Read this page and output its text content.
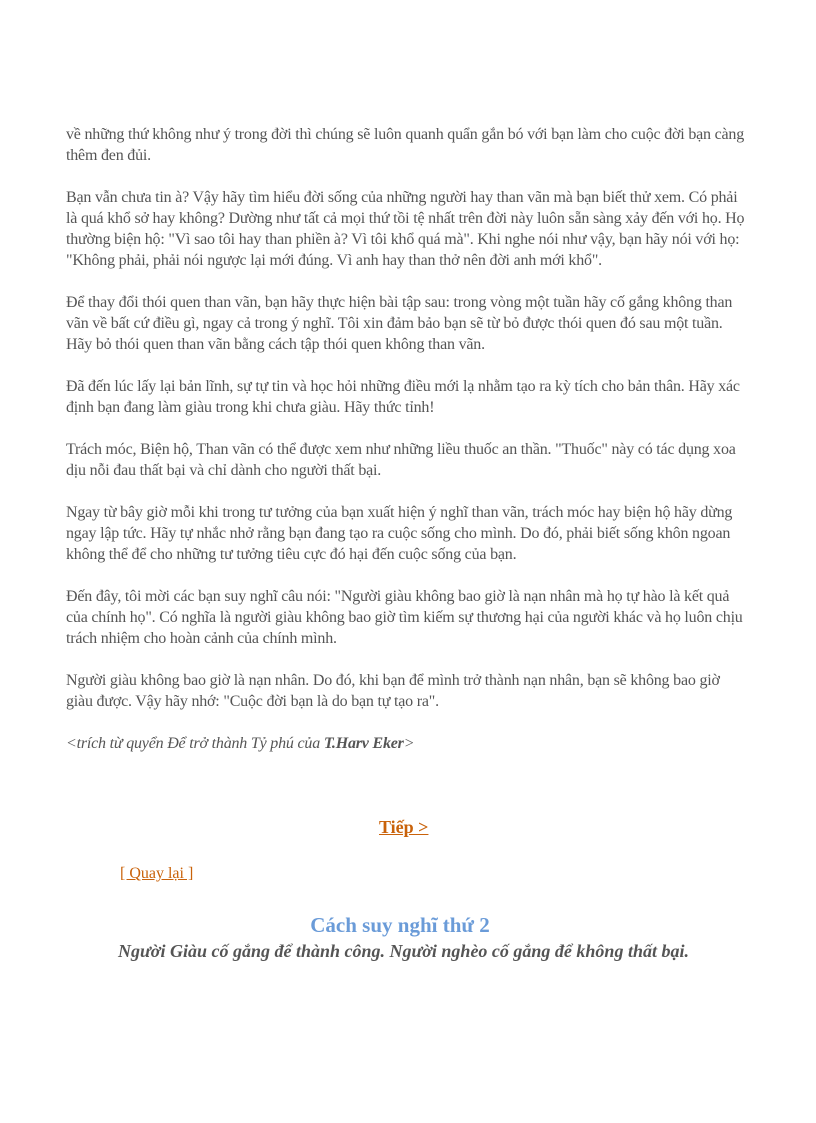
về những thứ không như ý trong đời thì chúng sẽ luôn quanh quẩn gắn bó với bạn làm cho cuộc đời bạn càng thêm đen đủi.

Bạn vẫn chưa tin à? Vậy hãy tìm hiểu đời sống của những người hay than vãn mà bạn biết thử xem. Có phải là quá khổ sở hay không? Dường như tất cả mọi thứ tồi tệ nhất trên đời này luôn sẵn sàng xảy đến với họ. Họ thường biện hộ: "Vì sao tôi hay than phiền à? Vì tôi khổ quá mà". Khi nghe nói như vậy, bạn hãy nói với họ: "Không phải, phải nói ngược lại mới đúng. Vì anh hay than thở nên đời anh mới khổ".

Để thay đổi thói quen than vãn, bạn hãy thực hiện bài tập sau: trong vòng một tuần hãy cố gắng không than vãn về bất cứ điều gì, ngay cả trong ý nghĩ. Tôi xin đảm bảo bạn sẽ từ bỏ được thói quen đó sau một tuần. Hãy bỏ thói quen than vãn bằng cách tập thói quen không than vãn.

Đã đến lúc lấy lại bản lĩnh, sự tự tin và học hỏi những điều mới lạ nhằm tạo ra kỳ tích cho bản thân. Hãy xác định bạn đang làm giàu trong khi chưa giàu. Hãy thức tỉnh!

Trách móc, Biện hộ, Than vãn có thể được xem như những liều thuốc an thần. "Thuốc" này có tác dụng xoa dịu nỗi đau thất bại và chỉ dành cho người thất bại.

Ngay từ bây giờ mỗi khi trong tư tưởng của bạn xuất hiện ý nghĩ than vãn, trách móc hay biện hộ hãy dừng ngay lập tức. Hãy tự nhắc nhở rằng bạn đang tạo ra cuộc sống cho mình. Do đó, phải biết sống khôn ngoan không thể để cho những tư tưởng tiêu cực đó hại đến cuộc sống của bạn.

Đến đây, tôi mời các bạn suy nghĩ câu nói: "Người giàu không bao giờ là nạn nhân mà họ tự hào là kết quả của chính họ". Có nghĩa là người giàu không bao giờ tìm kiếm sự thương hại của người khác và họ luôn chịu trách nhiệm cho hoàn cảnh của chính mình.

Người giàu không bao giờ là nạn nhân. Do đó, khi bạn để mình trở thành nạn nhân, bạn sẽ không bao giờ giàu được. Vậy hãy nhớ: "Cuộc đời bạn là do bạn tự tạo ra".

<trích từ quyển Để trở thành Tỷ phú của T.Harv Eker>

Tiếp >
[ Quay lại ]
Cách suy nghĩ thứ 2
Người Giàu cố gắng để thành công. Người nghèo cố gắng để không thất bại.
